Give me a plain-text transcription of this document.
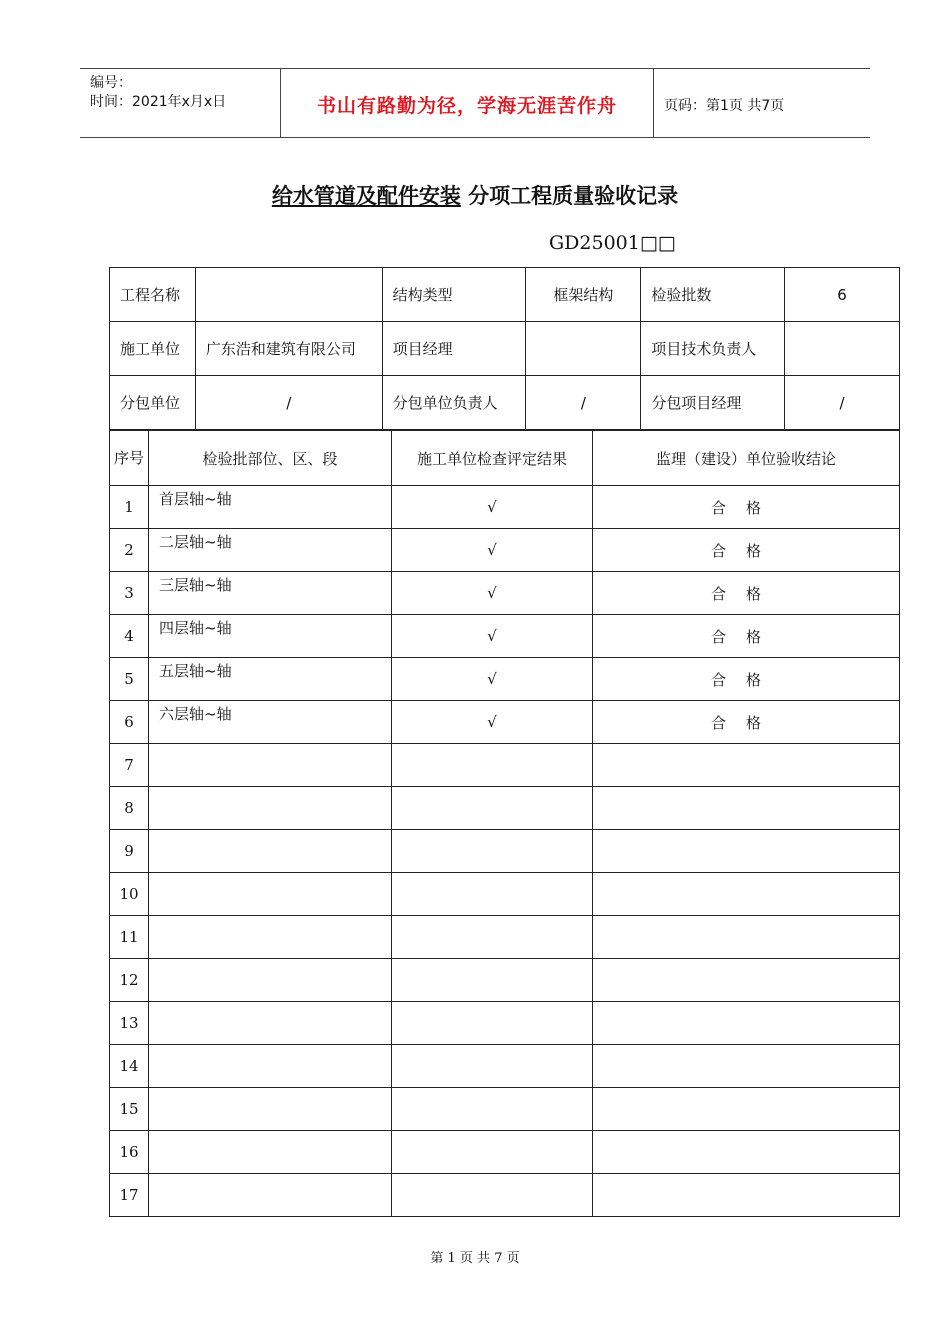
编号：
时间：2021年x月x日	书山有路勤为径，学海无涯苦作舟	页码：第1页 共7页
给水管道及配件安装 分项工程质量验收记录
GD25001□□
工程名称		结构类型	框架结构	检验批数	6
施工单位	广东浩和建筑有限公司	项目经理		项目技术负责人	
分包单位	/	分包单位负责人	/	分包项目经理	/
序号	检验批部位、区、段	施工单位检查评定结果	监理（建设）单位验收结论
1	首层轴~轴	√	合格
2	二层轴~轴	√	合格
3	三层轴~轴	√	合格
4	四层轴~轴	√	合格
5	五层轴~轴	√	合格
6	六层轴~轴	√	合格
7			
8			
9			
10			
11			
12			
13			
14			
15			
16			
17			
第 1 页 共 7 页
